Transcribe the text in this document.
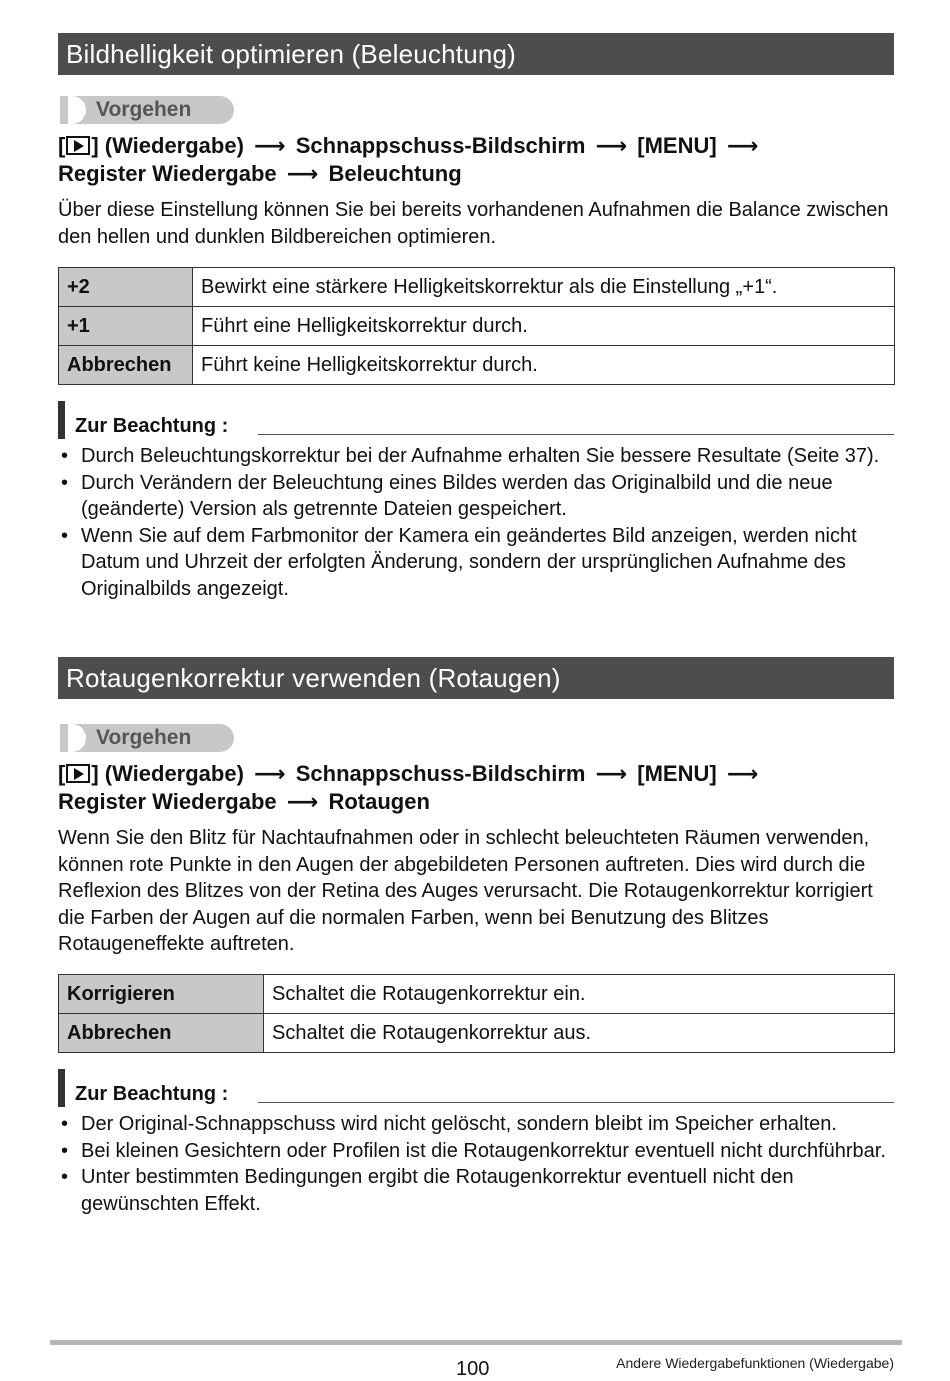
Bildhelligkeit optimieren (Beleuchtung)
Vorgehen
[ ] (Wiedergabe) ⟶ Schnappschuss-Bildschirm ⟶ [MENU] ⟶
Register Wiedergabe ⟶ Beleuchtung
Über diese Einstellung können Sie bei bereits vorhandenen Aufnahmen die Balance zwischen den hellen und dunklen Bildbereichen optimieren.
+2	Bewirkt eine stärkere Helligkeitskorrektur als die Einstellung „+1“.
+1	Führt eine Helligkeitskorrektur durch.
Abbrechen	Führt keine Helligkeitskorrektur durch.
Zur Beachtung :
• Durch Beleuchtungskorrektur bei der Aufnahme erhalten Sie bessere Resultate (Seite 37).
• Durch Verändern der Beleuchtung eines Bildes werden das Originalbild und die neue (geänderte) Version als getrennte Dateien gespeichert.
• Wenn Sie auf dem Farbmonitor der Kamera ein geändertes Bild anzeigen, werden nicht Datum und Uhrzeit der erfolgten Änderung, sondern der ursprünglichen Aufnahme des Originalbilds angezeigt.
Rotaugenkorrektur verwenden (Rotaugen)
Vorgehen
[ ] (Wiedergabe) ⟶ Schnappschuss-Bildschirm ⟶ [MENU] ⟶
Register Wiedergabe ⟶ Rotaugen
Wenn Sie den Blitz für Nachtaufnahmen oder in schlecht beleuchteten Räumen verwenden, können rote Punkte in den Augen der abgebildeten Personen auftreten. Dies wird durch die Reflexion des Blitzes von der Retina des Auges verursacht. Die Rotaugenkorrektur korrigiert die Farben der Augen auf die normalen Farben, wenn bei Benutzung des Blitzes Rotaugeneffekte auftreten.
Korrigieren	Schaltet die Rotaugenkorrektur ein.
Abbrechen	Schaltet die Rotaugenkorrektur aus.
Zur Beachtung :
• Der Original-Schnappschuss wird nicht gelöscht, sondern bleibt im Speicher erhalten.
• Bei kleinen Gesichtern oder Profilen ist die Rotaugenkorrektur eventuell nicht durchführbar.
• Unter bestimmten Bedingungen ergibt die Rotaugenkorrektur eventuell nicht den gewünschten Effekt.
100	Andere Wiedergabefunktionen (Wiedergabe)
